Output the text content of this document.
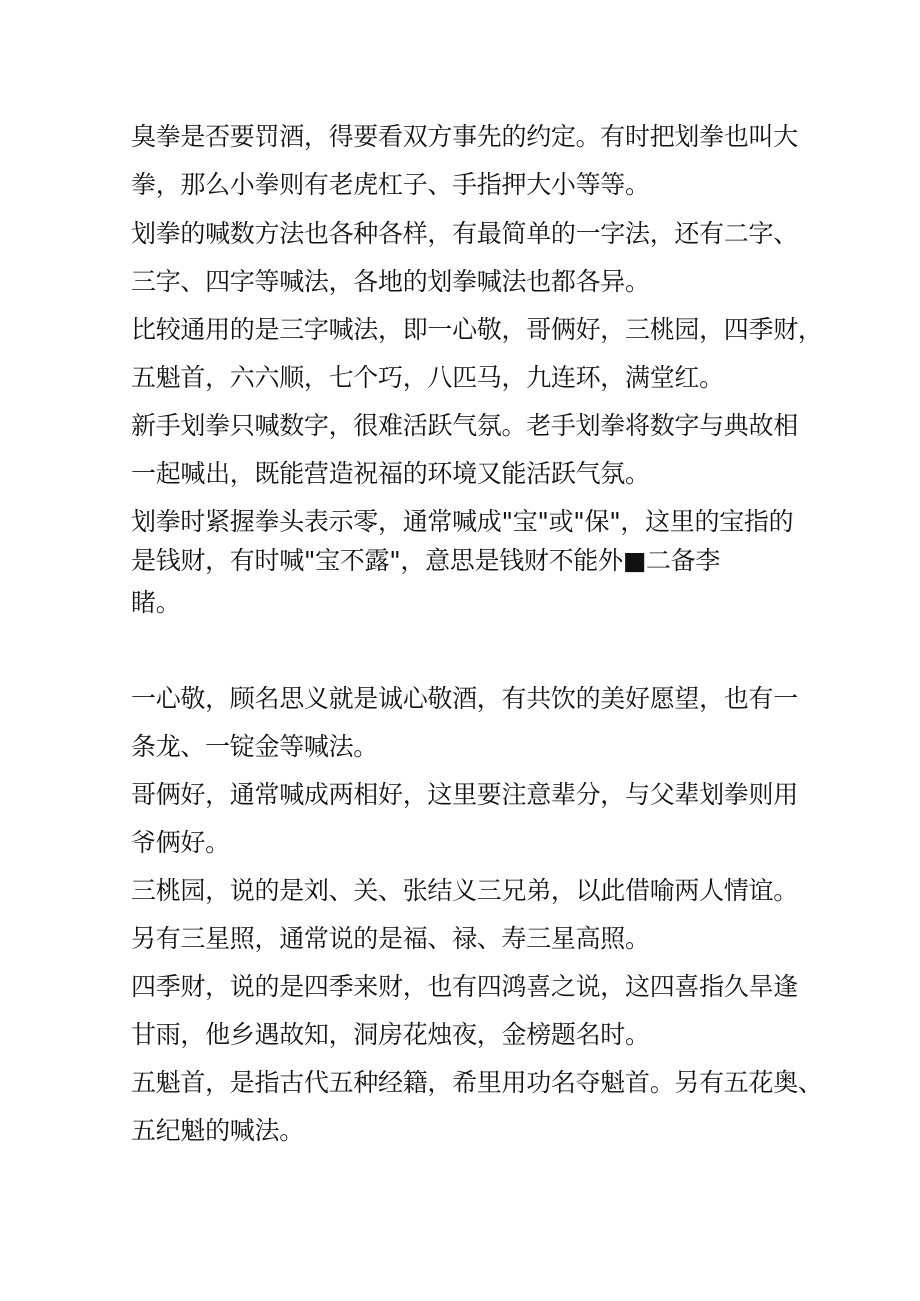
臭拳是否要罚酒，得要看双方事先的约定。有时把划拳也叫大
拳，那么小拳则有老虎杠子、手指押大小等等。
划拳的喊数方法也各种各样，有最简单的一字法，还有二字、
三字、四字等喊法，各地的划拳喊法也都各异。
比较通用的是三字喊法，即一心敬，哥俩好，三桃园，四季财，
五魁首，六六顺，七个巧，八匹马，九连环，满堂红。
新手划拳只喊数字，很难活跃气氛。老手划拳将数字与典故相
一起喊出，既能营造祝福的环境又能活跃气氛。
划拳时紧握拳头表示零，通常喊成"宝"或"保"，这里的宝指的
是钱财，有时喊"宝不露"，意思是钱财不能外■二备李
睹。
一心敬，顾名思义就是诚心敬酒，有共饮的美好愿望，也有一
条龙、一锭金等喊法。
哥俩好，通常喊成两相好，这里要注意辈分，与父辈划拳则用
爷俩好。
三桃园，说的是刘、关、张结义三兄弟，以此借喻两人情谊。
另有三星照，通常说的是福、禄、寿三星高照。
四季财，说的是四季来财，也有四鸿喜之说，这四喜指久旱逢
甘雨，他乡遇故知，洞房花烛夜，金榜题名时。
五魁首，是指古代五种经籍，希里用功名夺魁首。另有五花奥、
五纪魁的喊法。
